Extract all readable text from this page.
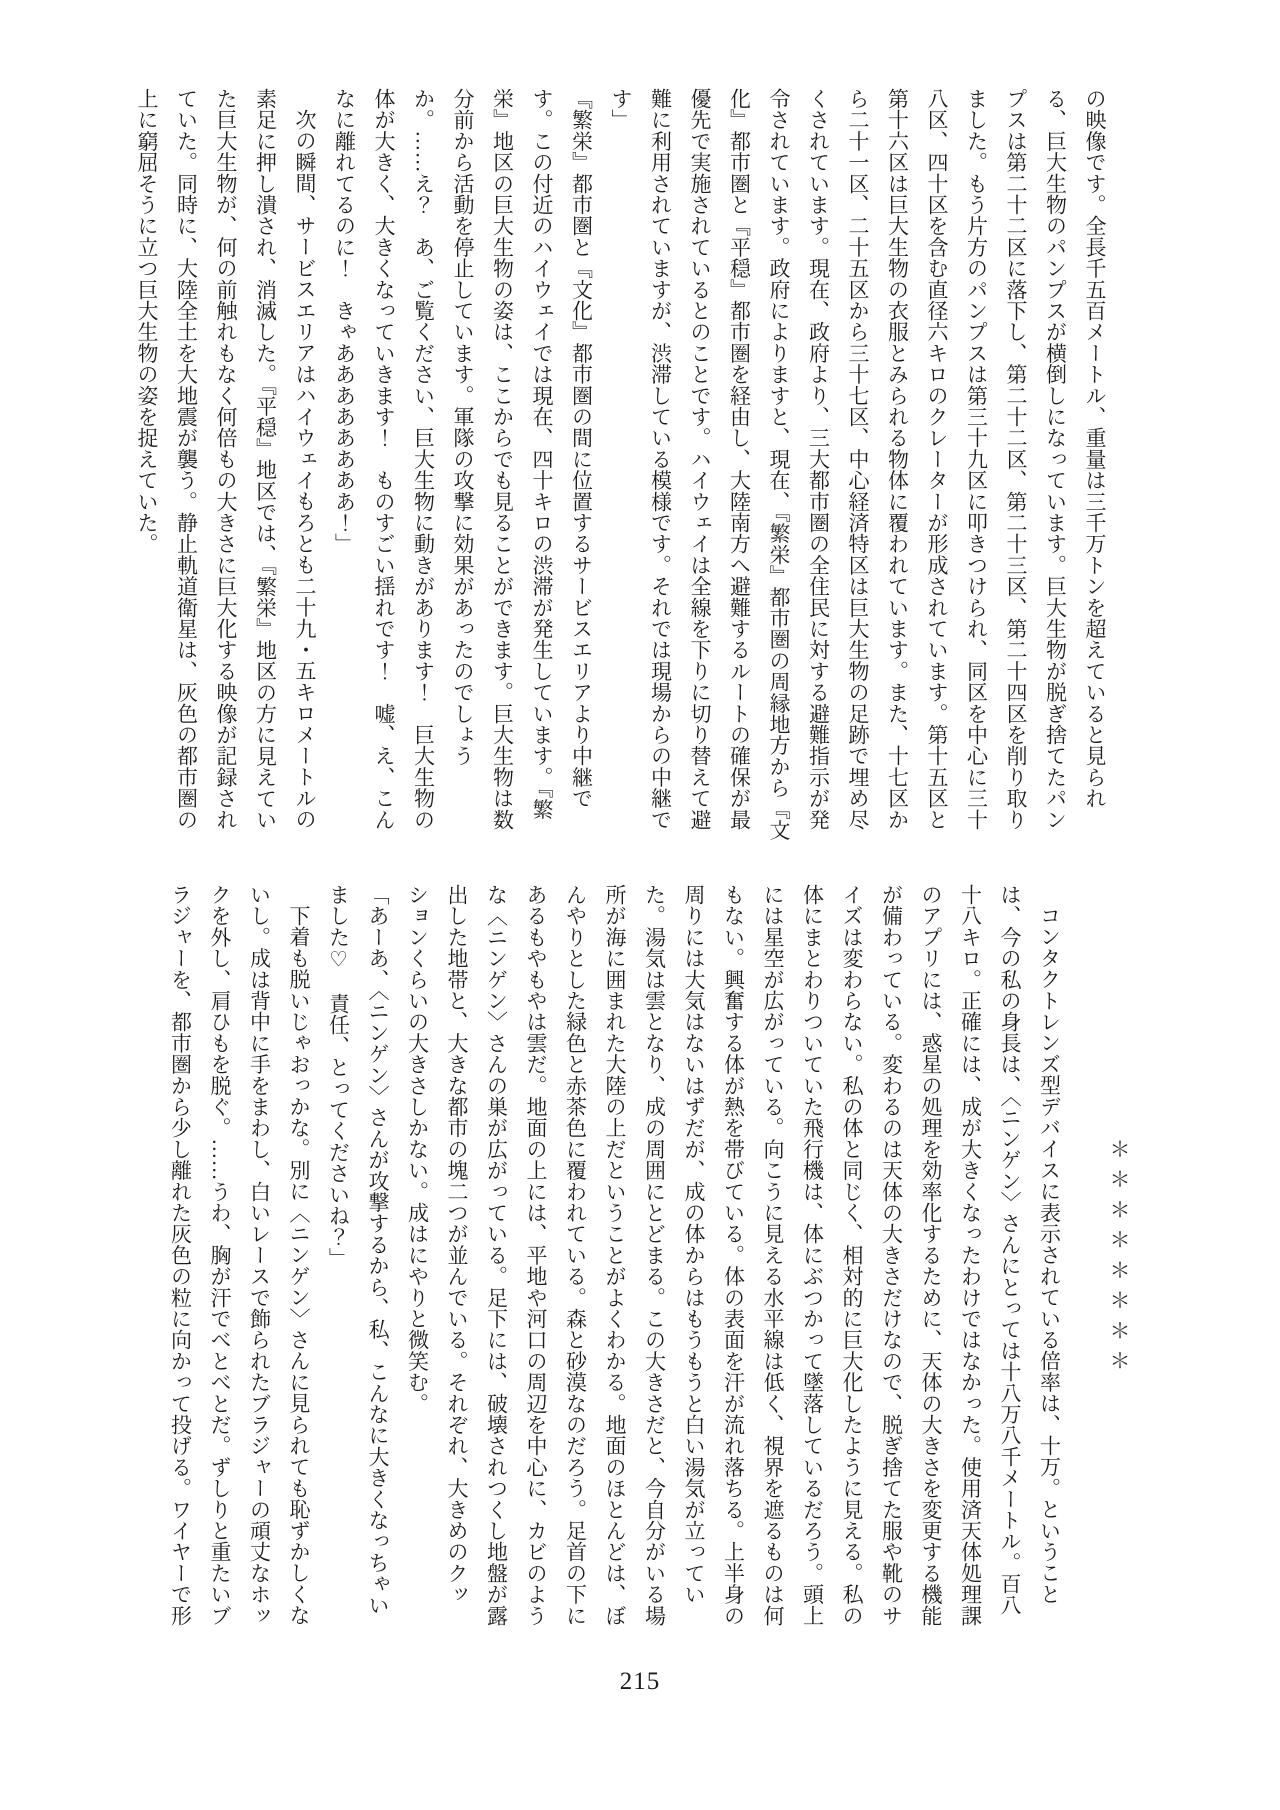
の映像です。全長千五百メートル、重量は三千万トンを超えていると見られる、巨大生物のパンプスが横倒しになっています。巨大生物が脱ぎ捨てたパンプスは第二十二区に落下し、第二十二区、第二十三区、第二十四区を削り取りました。もう片方のパンプスは第三十九区に叩きつけられ、同区を中心に三十八区、四十区を含む直径六キロのクレーターが形成されています。第十五区と第十六区は巨大生物の衣服とみられる物体に覆われています。また、十七区から二十一区、二十五区から三十七区、中心経済特区は巨大生物の足跡で埋め尽くされています。現在、政府より、三大都市圏の全住民に対する避難指示が発令されています。政府によりますと、現在、『繁栄』都市圏の周縁地方から『文化』都市圏と『平穏』都市圏を経由し、大陸南方へ避難するルートの確保が最優先で実施されているとのことです。ハイウェイは全線を下りに切り替えて避難に利用されていますが、渋滞している模様です。それでは現場からの中継です」

『繁栄』都市圏と『文化』都市圏の間に位置するサービスエリアより中継です。この付近のハイウェイでは現在、四十キロの渋滞が発生しています。『繁栄』地区の巨大生物の姿は、ここからでも見ることができます。巨大生物は数分前から活動を停止しています。軍隊の攻撃に効果があったのでしょうか。……え？　あ、ご覧ください、巨大生物に動きがあります！　巨大生物の体が大きく、大きくなっていきます！　ものすごい揺れです！　嘘、え、こんなに離れてるのに！　きゃああああああああ！」

次の瞬間、サービスエリアはハイウェイもろとも二十九・五キロメートルの素足に押し潰され、消滅した。『平穏』地区では、『繁栄』地区の方に見えていた巨大生物が、何の前触れもなく何倍もの大きさに巨大化する映像が記録されていた。同時に、大陸全土を大地震が襲う。静止軌道衛星は、灰色の都市圏の上に窮屈そうに立つ巨大生物の姿を捉えていた。

＊ ＊ ＊ ＊ ＊ ＊ ＊ ＊

コンタクトレンズ型デバイスに表示されている倍率は、十万。ということは、今の私の身長は、〈ニンゲン〉さんにとっては十八万八千メートル。百八十八キロ。正確には、成が大きくなったわけではなかった。使用済天体処理課のアプリには、惑星の処理を効率化するために、天体の大きさを変更する機能が備わっている。変わるのは天体の大きさだけなので、脱ぎ捨てた服や靴のサイズは変わらない。私の体と同じく、相対的に巨大化したように見える。私の体にまとわりついていた飛行機は、体にぶつかって墜落しているだろう。頭上には星空が広がっている。向こうに見える水平線は低く、視界を遮るものは何もない。興奮する体が熱を帯びている。体の表面を汗が流れ落ちる。上半身の周りには大気はないはずだが、成の体からはもうもうと白い湯気が立っていた。湯気は雲となり、成の周囲にとどまる。この大きさだと、今自分がいる場所が海に囲まれた大陸の上だということがよくわかる。地面のほとんどは、ぼんやりとした緑色と赤茶色に覆われている。森と砂漠なのだろう。足首の下にあるもやもやは雲だ。地面の上には、平地や河口の周辺を中心に、カビのような〈ニンゲン〉さんの巣が広がっている。足下には、破壊されつくし地盤が露出した地帯と、大きな都市の塊二つが並んでいる。それぞれ、大きめのクッションくらいの大きさしかない。成はにやりと微笑む。

「あーあ、〈ニンゲン〉さんが攻撃するから、私、こんなに大きくなっちゃいました♡　責任、とってくださいね？」

下着も脱いじゃおっかな。別に〈ニンゲン〉さんに見られても恥ずかしくないし。成は背中に手をまわし、白いレースで飾られたブラジャーの頑丈なホックを外し、肩ひもを脱ぐ。……うわ、胸が汗でべとべとだ。ずしりと重たいブラジャーを、都市圏から少し離れた灰色の粒に向かって投げる。ワイヤーで形

215
